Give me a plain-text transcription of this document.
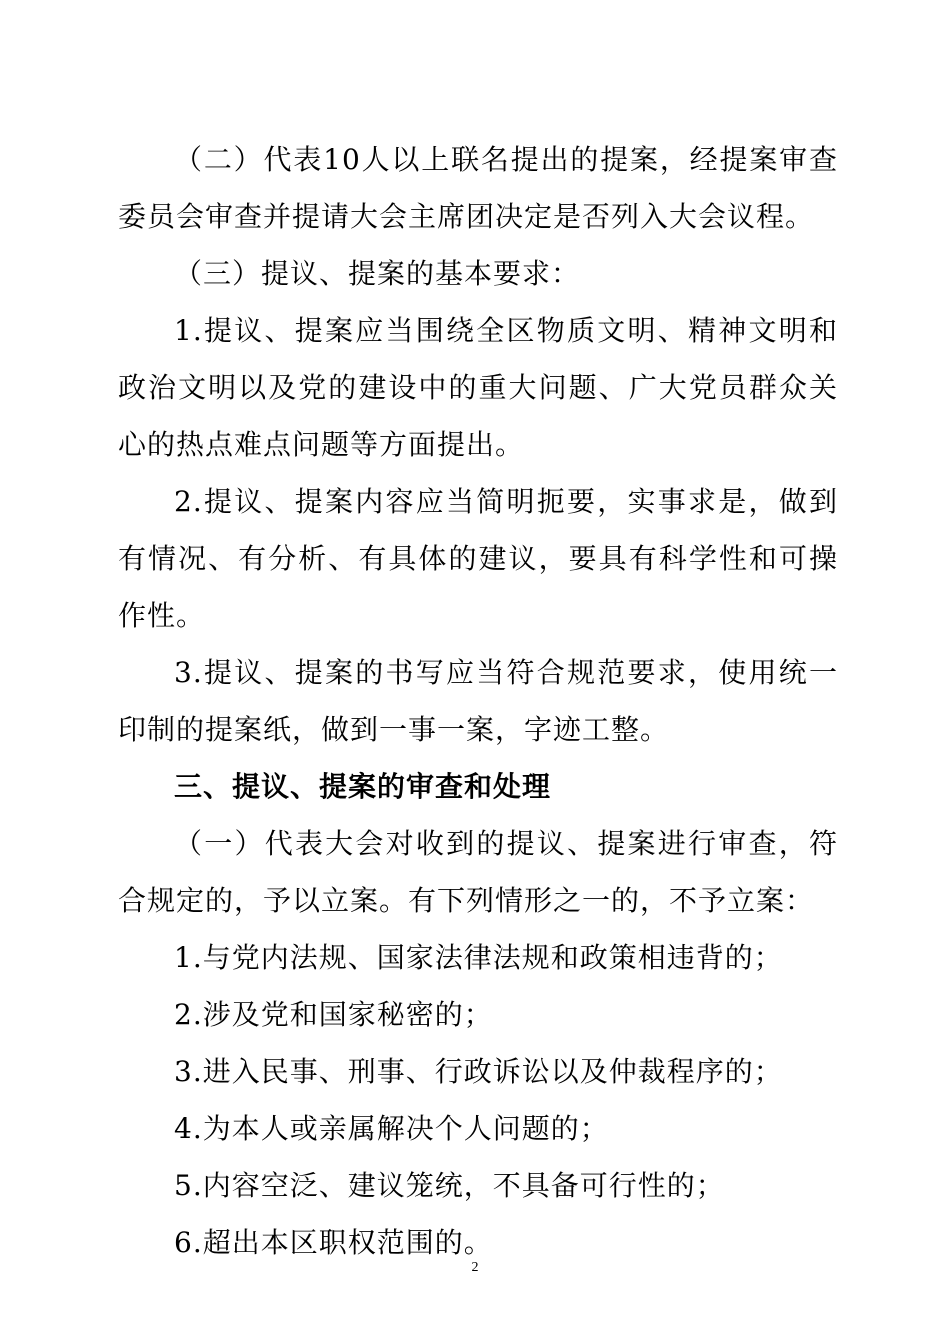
（二）代表10人以上联名提出的提案，经提案审查委员会审查并提请大会主席团决定是否列入大会议程。

（三）提议、提案的基本要求：

1.提议、提案应当围绕全区物质文明、精神文明和政治文明以及党的建设中的重大问题、广大党员群众关心的热点难点问题等方面提出。

2.提议、提案内容应当简明扼要，实事求是，做到有情况、有分析、有具体的建议，要具有科学性和可操作性。

3.提议、提案的书写应当符合规范要求，使用统一印制的提案纸，做到一事一案，字迹工整。

三、提议、提案的审查和处理

（一）代表大会对收到的提议、提案进行审查，符合规定的，予以立案。有下列情形之一的，不予立案：

1.与党内法规、国家法律法规和政策相违背的；

2.涉及党和国家秘密的；

3.进入民事、刑事、行政诉讼以及仲裁程序的；

4.为本人或亲属解决个人问题的；

5.内容空泛、建议笼统，不具备可行性的；

6.超出本区职权范围的。

2
